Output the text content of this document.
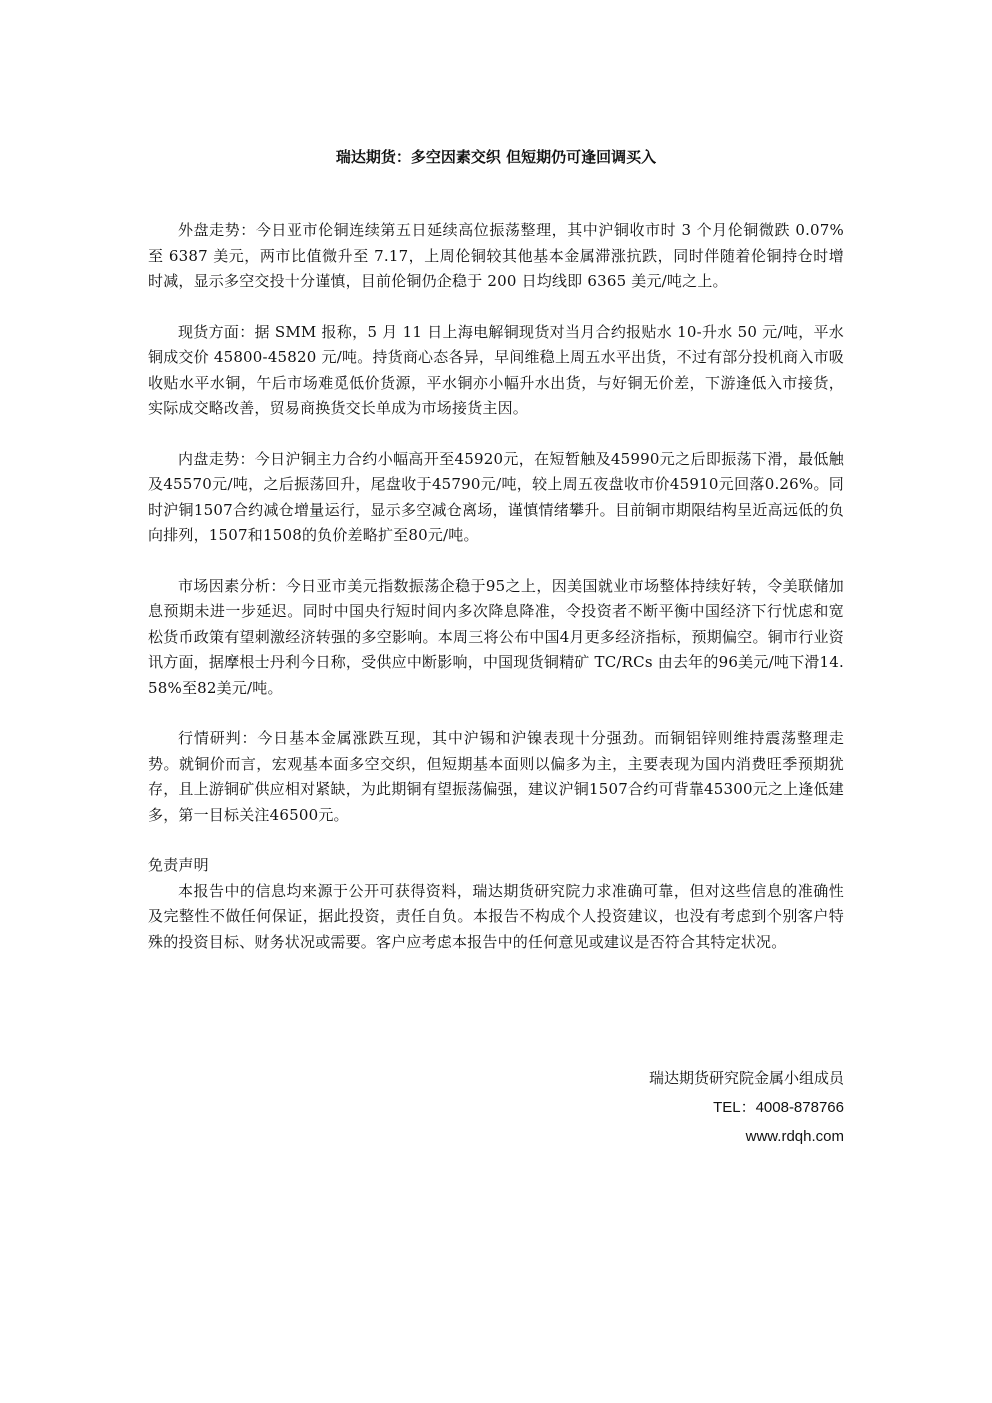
瑞达期货：多空因素交织 但短期仍可逢回调买入

外盘走势：今日亚市伦铜连续第五日延续高位振荡整理，其中沪铜收市时 3 个月伦铜微跌 0.07%至 6387 美元，两市比值微升至 7.17，上周伦铜较其他基本金属滞涨抗跌，同时伴随着伦铜持仓时增时减，显示多空交投十分谨慎，目前伦铜仍企稳于 200 日均线即 6365 美元/吨之上。

现货方面：据 SMM 报称，5 月 11 日上海电解铜现货对当月合约报贴水 10-升水 50 元/吨，平水铜成交价 45800-45820 元/吨。持货商心态各异，早间维稳上周五水平出货，不过有部分投机商入市吸收贴水平水铜，午后市场难觅低价货源，平水铜亦小幅升水出货，与好铜无价差，下游逢低入市接货，实际成交略改善，贸易商换货交长单成为市场接货主因。

内盘走势：今日沪铜主力合约小幅高开至45920元，在短暂触及45990元之后即振荡下滑，最低触及45570元/吨，之后振荡回升，尾盘收于45790元/吨，较上周五夜盘收市价45910元回落0.26%。同时沪铜1507合约减仓增量运行，显示多空减仓离场，谨慎情绪攀升。目前铜市期限结构呈近高远低的负向排列，1507和1508的负价差略扩至80元/吨。

市场因素分析：今日亚市美元指数振荡企稳于95之上，因美国就业市场整体持续好转，令美联储加息预期未进一步延迟。同时中国央行短时间内多次降息降准，令投资者不断平衡中国经济下行忧虑和宽松货币政策有望刺激经济转强的多空影响。本周三将公布中国4月更多经济指标，预期偏空。铜市行业资讯方面，据摩根士丹利今日称，受供应中断影响，中国现货铜精矿 TC/RCs 由去年的96美元/吨下滑14.58%至82美元/吨。

行情研判：今日基本金属涨跌互现，其中沪锡和沪镍表现十分强劲。而铜铝锌则维持震荡整理走势。就铜价而言，宏观基本面多空交织，但短期基本面则以偏多为主，主要表现为国内消费旺季预期犹存，且上游铜矿供应相对紧缺，为此期铜有望振荡偏强，建议沪铜1507合约可背靠45300元之上逢低建多，第一目标关注46500元。

免责声明

本报告中的信息均来源于公开可获得资料，瑞达期货研究院力求准确可靠，但对这些信息的准确性及完整性不做任何保证，据此投资，责任自负。本报告不构成个人投资建议，也没有考虑到个别客户特殊的投资目标、财务状况或需要。客户应考虑本报告中的任何意见或建议是否符合其特定状况。

瑞达期货研究院金属小组成员
TEL：4008-878766
www.rdqh.com
